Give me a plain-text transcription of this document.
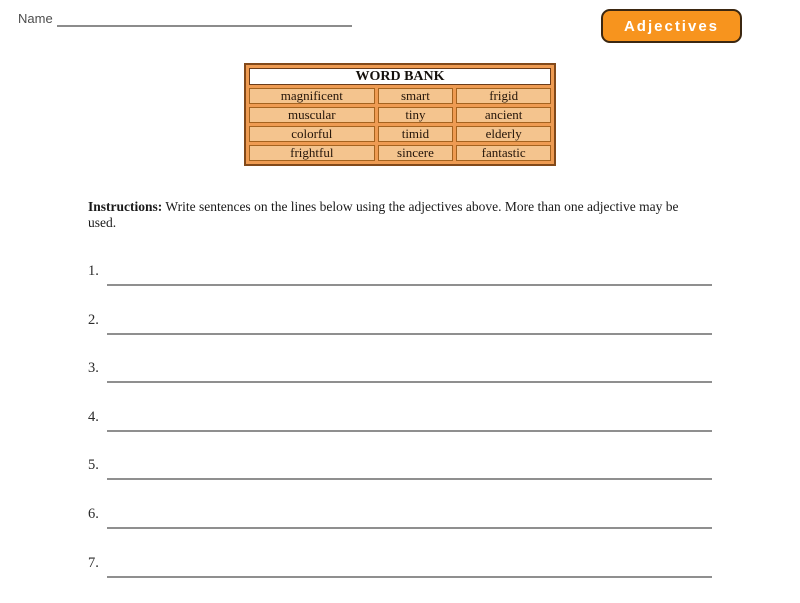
Name	Adjectives
WORD BANK
magnificent	smart	frigid
muscular	tiny	ancient
colorful	timid	elderly
frightful	sincere	fantastic
Instructions: Write sentences on the lines below using the adjectives above. More than one adjective may be used.
1.
2.
3.
4.
5.
6.
7.
